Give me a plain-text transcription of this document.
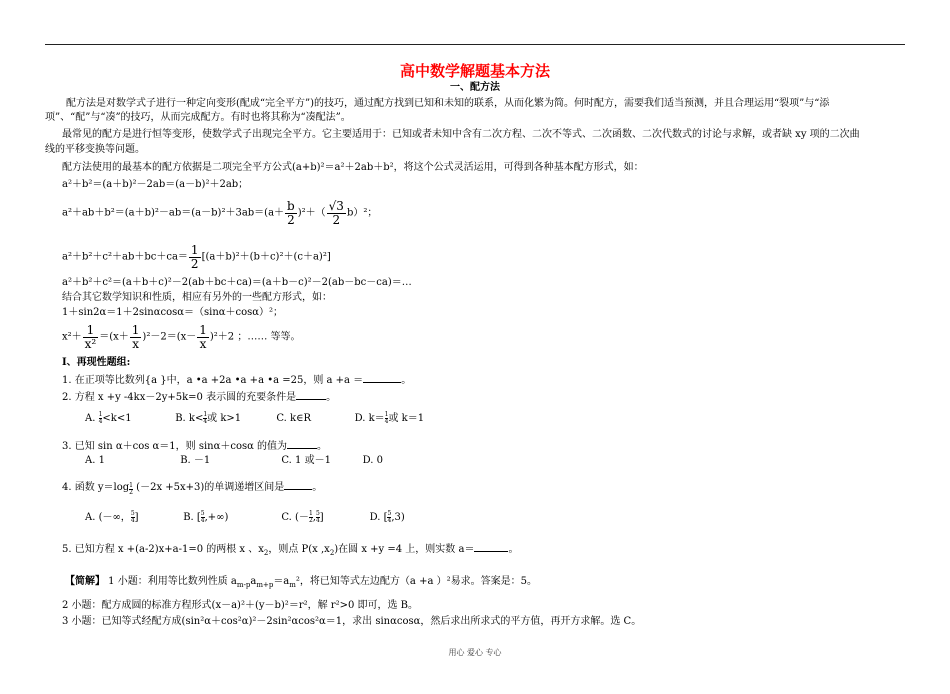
高中数学解题基本方法
一、配方法
配方法是对数学式子进行一种定向变形(配成“完全平方”)的技巧，通过配方找到已知和未知的联系，从而化繁为简。何时配方，需要我们适当预测，并且合理运用“裂项”与“添
项”、“配”与“凑”的技巧，从而完成配方。有时也将其称为“凑配法”。
最常见的配方是进行恒等变形，使数学式子出现完全平方。它主要适用于：已知或者未知中含有二次方程、二次不等式、二次函数、二次代数式的讨论与求解，或者缺 xy 项的二次曲
线的平移变换等问题。
配方法使用的最基本的配方依据是二项完全平方公式(a+b)²＝a²＋2ab＋b²，将这个公式灵活运用，可得到各种基本配方形式，如：
a²＋b²＝(a＋b)²－2ab＝(a－b)²＋2ab；
$a^2+ab+b^2=(a+b)^2-ab=(a-b)^2+3ab=(a+ \frac{b}{2} )^2+( \frac{√3}{2} b)^2$；
$a^2+b^2+c^2+ab+bc+ca= \frac{1}{2} [(a+b)^2+(b+c)^2+(c+a)^2]$
a²＋b²＋c²＝(a＋b＋c)²－2(ab＋bc＋ca)＝(a＋b－c)²－2(ab－bc－ca)＝…
结合其它数学知识和性质，相应有另外的一些配方形式，如：
1＋sin2α＝1＋2sinαcosα＝（sinα＋cosα）²；
$x^2+ \frac{1}{\text{x²}} =(x+ \frac{1}{x} )^2-2=(x- \frac{1}{x} )^2+2$ ；…… 等等。
Ⅰ、再现性题组:
1. 在正项等比数列{a }中，a •a +2a •a +a •a =25，则 a +a ＝	。
2. 方程 x +y -4kx－2y+5k=0 表示圆的充要条件是	。
A. $\frac{1}{4} <k<1$	B. $k< \frac{1}{4}$ 或 k>1	C. k∈R	D. $k= \frac{1}{4}$ 或 k＝1
3. 已知 sin α＋cos α＝1，则 sinα＋cosα 的值为	。
A. 1	B. －1	C. 1 或－1	D. 0
4. 函数 $y=\log \frac{1}{2} (-2x +5x+3)$的单调递增区间是	。
A. (－∞， $\frac{5}{4}$ ]	B. [ $\frac{5}{4}$ ,+∞)	C. (－ $\frac{1}{2}$ , $\frac{5}{4}$ ]	D. [ $\frac{5}{4} ,3$)
5. 已知方程 x +(a-2)x+a-1=0 的两根 x 、$x_2$，则点 P(x $,x_2$)在圆 x +y =4 上，则实数 a＝	。
【简解】 1 小题：利用等比数列性质 $a_{m-p}a_{m+p}=a_m^2$，将已知等式左边配方（a +a ）²易求。答案是：5。
2 小题：配方成圆的标准方程形式(x－a)²＋(y－b)²＝r²，解 r²>0 即可，选 B。
3 小题：已知等式经配方成(sin²α＋cos²α)²－2sin²αcos²α＝1，求出 sinαcosα，然后求出所求式的平方值，再开方求解。选 C。
用心 爱心 专心
